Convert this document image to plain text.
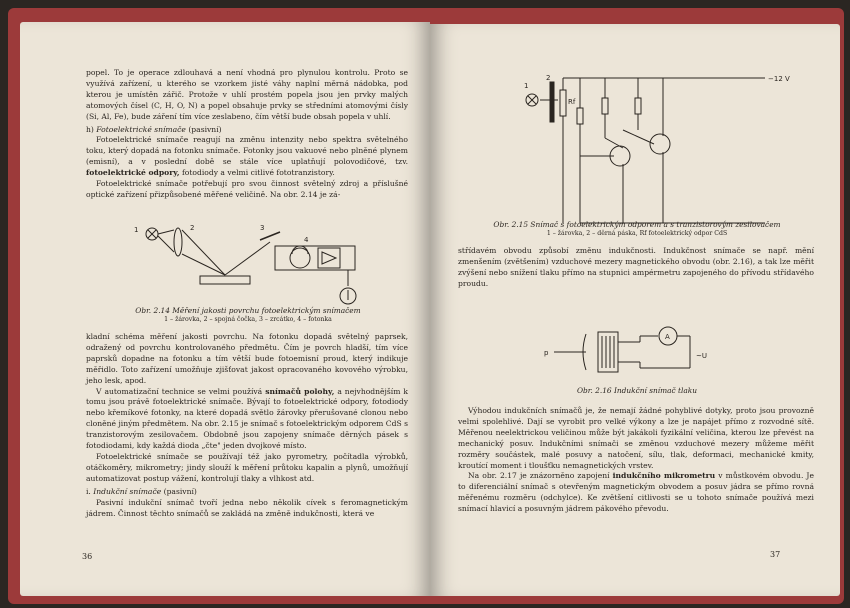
popel. To je operace zdlouhavá a není vhodná pro plynulou kontrolu. Proto se využívá zařízení, u kterého se vzorkem jisté váhy naplní měrná nádobka, pod kterou je umístěn zářič. Protože v uhlí prostém popela jsou jen prvky malých atomových čísel (C, H, O, N) a popel obsahuje prvky se středními atomovými čísly (Si, Al, Fe), bude záření tím více zeslabeno, čím větší bude obsah popela v uhlí.

h) Fotoelektrické snímače (pasivní)

Fotoelektrické snímače reagují na změnu intenzity nebo spektra světelného toku, který dopadá na fotonku snímače. Fotonky jsou vakuové nebo plněné plynem (emisní), a v poslední době se stále více uplatňují polovodičové, tzv. fotoelektrické odpory, fotodiody a velmi citlivé fototranzistory.

Fotoelektrické snímače potřebují pro svou činnost světelný zdroj a příslušné optické zařízení přizpůsobené měřené veličině. Na obr. 2.14 je zá-

1	2	3
4
Obr. 2.14 Měření jakosti povrchu fotoelektrickým snímačem
1 – žárovka, 2 – spojná čočka, 3 – zrcátko, 4 – fotonka

kladní schéma měření jakosti povrchu. Na fotonku dopadá světelný paprsek, odražený od povrchu kontrolovaného předmětu. Čím je povrch hladší, tím více paprsků dopadne na fotonku a tím větší bude fotoemisní proud, který indikuje měřidlo. Toto zařízení umožňuje zjišťovat jakost opracovaného kovového výrobku, jeho lesk, apod.

V automatizační technice se velmi používá snímačů polohy, a nejvhodnějším k tomu jsou právě fotoelektrické snímače. Bývají to fotoelektrické odpory, fotodiody nebo křemíkové fotonky, na které dopadá světlo žárovky přerušované clonou nebo cloněné jiným předmětem. Na obr. 2.15 je snímač s fotoelektrickým odporem CdS s tranzistorovým zesilovačem. Obdobně jsou zapojeny snímače děrných pásek s fotodiodami, kdy každá dioda „čte" jeden dvojkové místo.

Fotoelektrické snímače se používají též jako pyrometry, počítadla výrobků, otáčkoměry, mikrometry; jindy slouží k měření průtoku kapalin a plynů, umožňují automatizovat postup vážení, kontrolují tlaky a vlhkost atd.

i. Indukční snímače (pasivní)

Pasivní indukční snímač tvoří jedna nebo několik cívek s feromagnetickým jádrem. Činnost těchto snímačů se zakládá na změně indukčnosti, která ve

36
1
2
Rf
−12 V
Obr. 2.15 Snímač s fotoelektrickým odporem a s tranzistorovým zesilovačem
1 – žárovka, 2 – děrná páska, Rf fotoelektrický odpor CdS

střídavém obvodu způsobí změnu indukčnosti. Indukčnost snímače se např. mění zmenšením (zvětšením) vzduchové mezery magnetického obvodu (obr. 2.16), a tak lze měřit zvýšení nebo snížení tlaku přímo na stupnici ampérmetru zapojeného do přívodu střídavého proudu.

p
A
~U
Obr. 2.16 Indukční snímač tlaku

Výhodou indukčních snímačů je, že nemají žádné pohyblivé dotyky, proto jsou provozně velmi spolehlivé. Dají se vyrobit pro velké výkony a lze je napájet přímo z rozvodné sítě. Měřenou neelektrickou veličinou může být jakákoli fyzikální veličina, kterou lze převést na mechanický posuv. Indukčními snímači se změnou vzduchové mezery můžeme měřit rozměry součástek, malé posuvy a natočení, sílu, tlak, deformaci, mechanické kmity, kroutící moment i tloušťku nemagnetických vrstev.

Na obr. 2.17 je znázorněno zapojení indukčního mikrometru v můstkovém obvodu. Je to diferenciální snímač s otevřeným magnetickým obvodem a posuv jádra se přímo rovná měřenému rozměru (odchylce). Ke zvětšení citlivosti se u tohoto snímače používá mezi snímací hlavicí a posuvným jádrem pákového převodu.

37
